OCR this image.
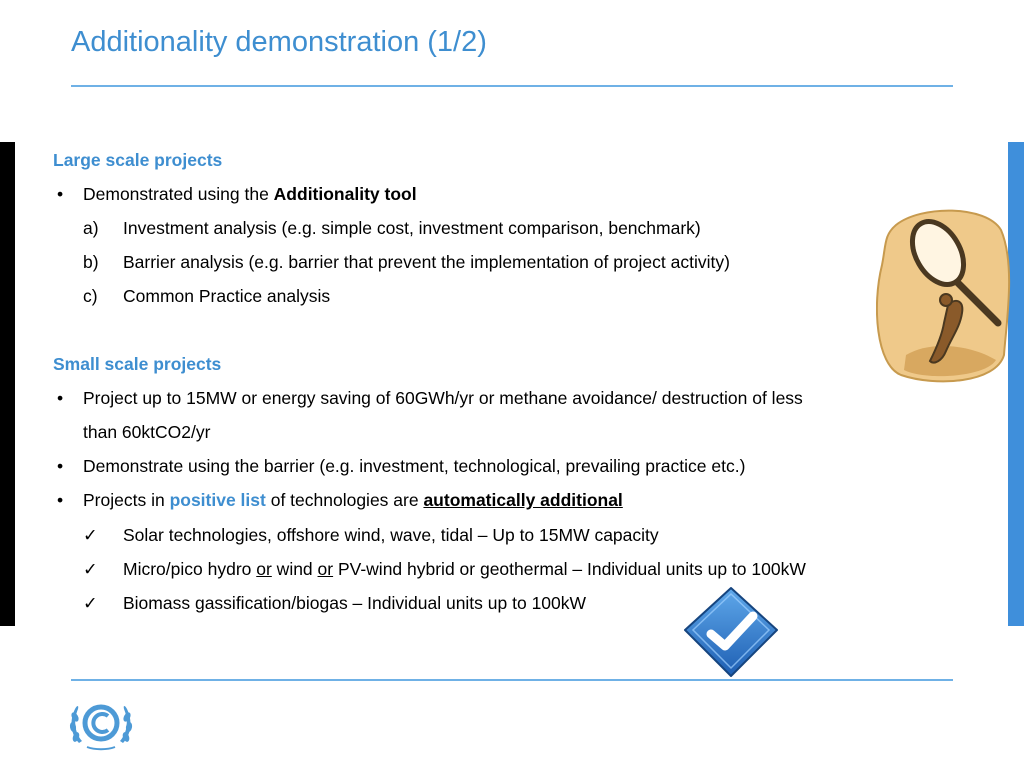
Additionality demonstration (1/2)
Large scale projects
• Demonstrated using the Additionality tool
a) Investment analysis (e.g. simple cost, investment comparison, benchmark)
b) Barrier analysis (e.g. barrier that prevent the implementation of project activity)
c) Common Practice analysis
Small scale projects
• Project up to 15MW or energy saving of 60GWh/yr or methane avoidance/ destruction of less
than 60ktCO2/yr
• Demonstrate using the barrier (e.g. investment, technological, prevailing practice etc.)
• Projects in positive list of technologies are automatically additional
✓ Solar technologies, offshore wind, wave, tidal – Up to 15MW capacity
✓ Micro/pico hydro or wind or PV-wind hybrid or geothermal – Individual units up to 100kW
✓ Biomass gassification/biogas – Individual units up to 100kW
